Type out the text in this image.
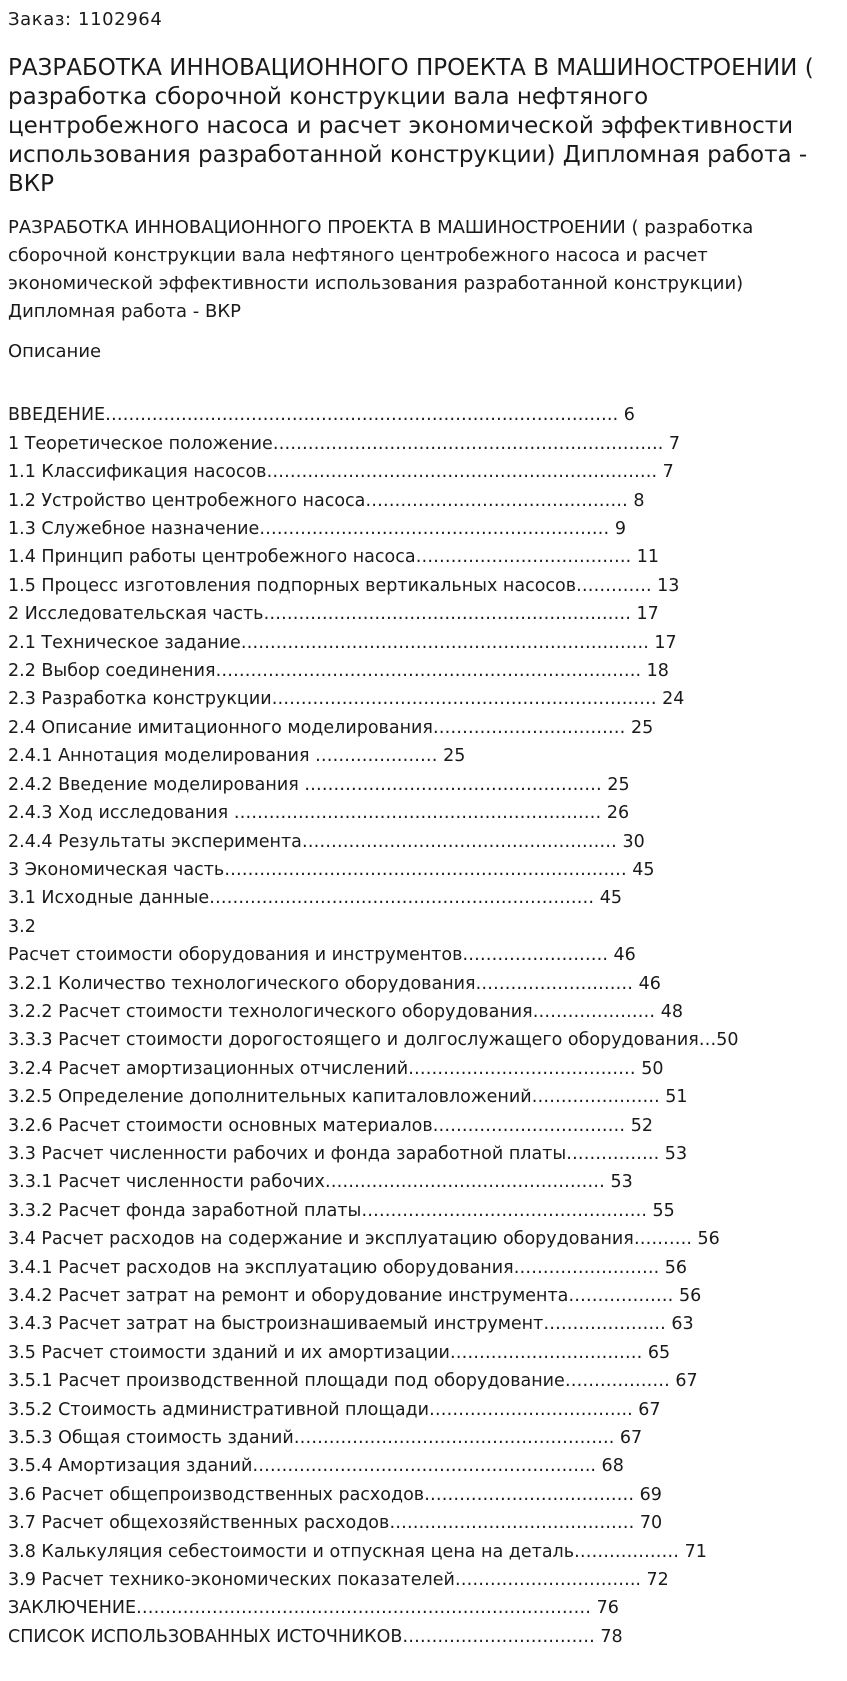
Заказ: 1102964
РАЗРАБОТКА ИННОВАЦИОННОГО ПРОЕКТА В МАШИНОСТРОЕНИИ ( разработка сборочной конструкции вала нефтяного центробежного насоса и расчет экономической эффективности использования разработанной конструкции) Дипломная работа - ВКР
РАЗРАБОТКА ИННОВАЦИОННОГО ПРОЕКТА В МАШИНОСТРОЕНИИ ( разработка сборочной конструкции вала нефтяного центробежного насоса и расчет экономической эффективности использования разработанной конструкции) Дипломная работа - ВКР
Описание
ВВЕДЕНИЕ……………………………………………………………………………. 6
1 Теоретическое положение…………………………………………………………. 7
1.1 Классификация насосов…………………………………………………………. 7
1.2 Устройство центробежного насоса……………………………………… 8
1.3 Служебное назначение…………………………………………………… 9
1.4 Принцип работы центробежного насоса………………………………. 11
1.5 Процесс изготовления подпорных вертикальных насосов…………. 13
2 Исследовательская часть……………………………………………………… 17
2.1 Техническое задание……………………………………………………………. 17
2.2 Выбор соединения………………………………………………………………. 18
2.3 Разработка конструкции………………………………………………………… 24
2.4 Описание имитационного моделирования…………………………… 25
2.4.1 Аннотация моделирования ………………… 25
2.4.2 Введение моделирования …………………………………………… 25
2.4.3 Ход исследования ……………………………………………………… 26
2.4.4 Результаты эксперимента……………………………………………… 30
3 Экономическая часть…………………………………………………………… 45
3.1 Исходные данные………………………………………………………… 45
3.2
Расчет стоимости оборудования и инструментов……………………. 46
3.2.1 Количество технологического оборудования……………………… 46
3.2.2 Расчет стоимости технологического оборудования………………… 48
3.3.3 Расчет стоимости дорогостоящего и долгослужащего оборудования…50
3.2.4 Расчет амортизационных отчислений………………………………… 50
3.2.5 Определение дополнительных капиталовложений…………………. 51
3.2.6 Расчет стоимости основных материалов…………………………… 52
3.3 Расчет численности рабочих и фонда заработной платы……………. 53
3.3.1 Расчет численности рабочих………………………………………… 53
3.3.2 Расчет фонда заработной платы…………………………………………. 55
3.4 Расчет расходов на содержание и эксплуатацию оборудования………. 56
3.4.1 Расчет расходов на эксплуатацию оборудования……………………. 56
3.4.2 Расчет затрат на ремонт и оборудование инструмента……………… 56
3.4.3 Расчет затрат на быстроизнашиваемый инструмент………………… 63
3.5 Расчет стоимости зданий и их амортизации…………………………… 65
3.5.1 Расчет производственной площади под оборудование……………… 67
3.5.2 Стоимость административной площади…………………………….. 67
3.5.3 Общая стоимость зданий………………………………………………. 67
3.5.4 Амортизация зданий………………………………………………….. 68
3.6 Расчет общепроизводственных расходов……………………………… 69
3.7 Расчет общехозяйственных расходов…………………………………… 70
3.8 Калькуляция себестоимости и отпускная цена на деталь……………… 71
3.9 Расчет технико-экономических показателей………………………….. 72
ЗАКЛЮЧЕНИЕ…………………………………………………………………… 76
СПИСОК ИСПОЛЬЗОВАННЫХ ИСТОЧНИКОВ…………………………… 78
